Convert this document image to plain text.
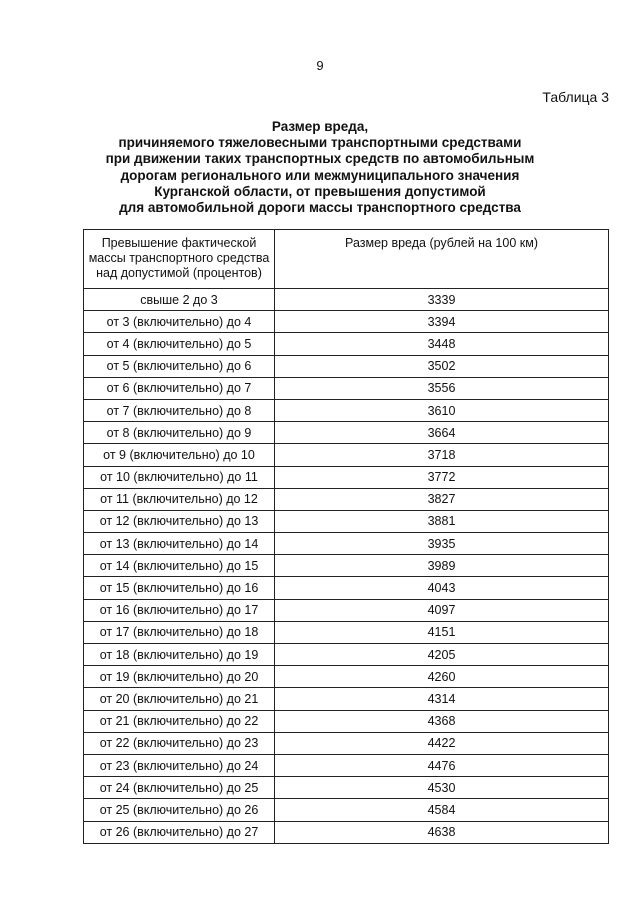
9
Таблица 3
Размер вреда,
причиняемого тяжеловесными транспортными средствами
при движении таких транспортных средств по автомобильным
дорогам регионального или межмуниципального значения
Курганской области, от превышения допустимой
для автомобильной дороги массы транспортного средства
Превышение фактической массы транспортного средства над допустимой (процентов)	Размер вреда (рублей на 100 км)
свыше 2 до 3	3339
от 3 (включительно) до 4	3394
от 4 (включительно) до 5	3448
от 5 (включительно) до 6	3502
от 6 (включительно) до 7	3556
от 7 (включительно) до 8	3610
от 8 (включительно) до 9	3664
от 9 (включительно) до 10	3718
от 10 (включительно) до 11	3772
от 11 (включительно) до 12	3827
от 12 (включительно) до 13	3881
от 13 (включительно) до 14	3935
от 14 (включительно) до 15	3989
от 15 (включительно) до 16	4043
от 16 (включительно) до 17	4097
от 17 (включительно) до 18	4151
от 18 (включительно) до 19	4205
от 19 (включительно) до 20	4260
от 20 (включительно) до 21	4314
от 21 (включительно) до 22	4368
от 22 (включительно) до 23	4422
от 23 (включительно) до 24	4476
от 24 (включительно) до 25	4530
от 25 (включительно) до 26	4584
от 26 (включительно) до 27	4638
